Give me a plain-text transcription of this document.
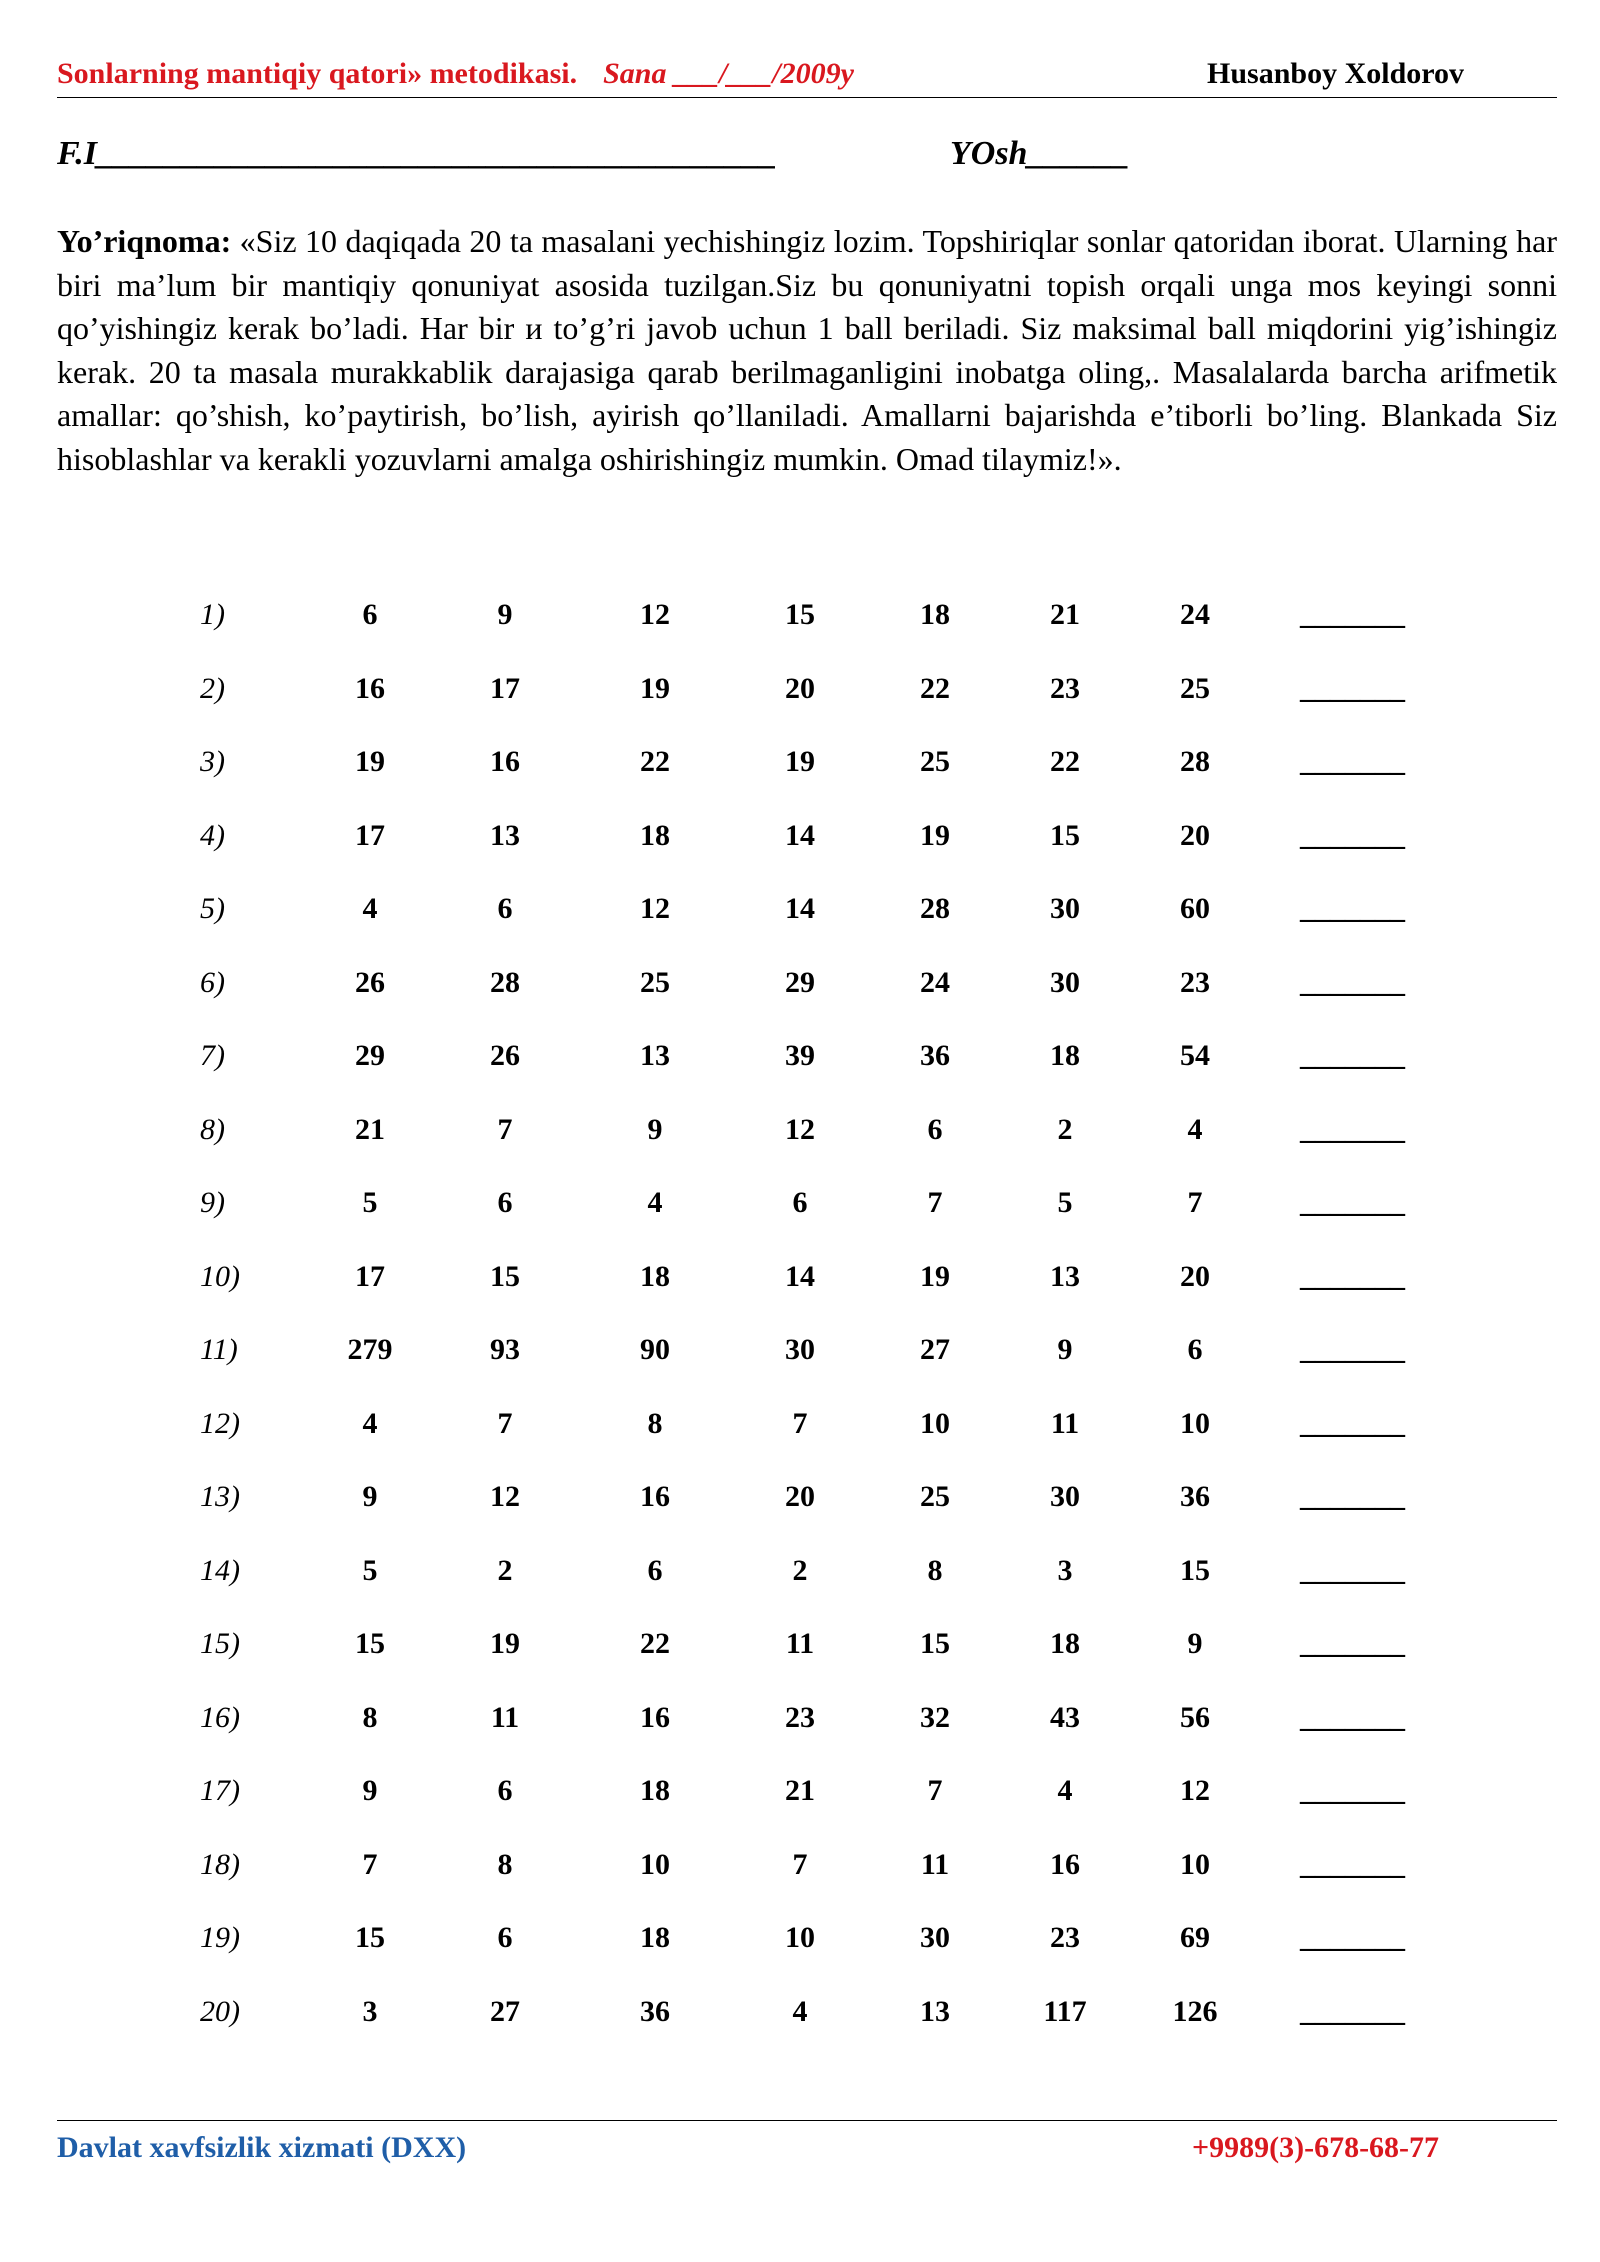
Sonlarning mantiqiy qatori» metodikasi. Sana ___/___/2009y	Husanboy Xoldorov
F.I________________________________________	YOsh______
Yo’riqnoma: «Siz 10 daqiqada 20 ta masalani yechishingiz lozim. Topshiriqlar sonlar qatoridan iborat. Ularning har biri ma’lum bir mantiqiy qonuniyat asosida tuzilgan.Siz bu qonuniyatni topish orqali unga mos keyingi sonni qo’yishingiz kerak bo’ladi. Har bir и to’g’ri javob uchun 1 ball beriladi. Siz maksimal ball miqdorini yig’ishingiz kerak. 20 ta masala murakkablik darajasiga qarab berilmaganligini inobatga oling,. Masalalarda barcha arifmetik amallar: qo’shish, ko’paytirish, bo’lish, ayirish qo’llaniladi. Amallarni bajarishda e’tiborli bo’ling. Blankada Siz hisoblashlar va kerakli yozuvlarni amalga oshirishingiz mumkin. Omad tilaymiz!».
1)	6	9	12	15	18	21	24	_______
2)	16	17	19	20	22	23	25	_______
3)	19	16	22	19	25	22	28	_______
4)	17	13	18	14	19	15	20	_______
5)	4	6	12	14	28	30	60	_______
6)	26	28	25	29	24	30	23	_______
7)	29	26	13	39	36	18	54	_______
8)	21	7	9	12	6	2	4	_______
9)	5	6	4	6	7	5	7	_______
10)	17	15	18	14	19	13	20	_______
11)	279	93	90	30	27	9	6	_______
12)	4	7	8	7	10	11	10	_______
13)	9	12	16	20	25	30	36	_______
14)	5	2	6	2	8	3	15	_______
15)	15	19	22	11	15	18	9	_______
16)	8	11	16	23	32	43	56	_______
17)	9	6	18	21	7	4	12	_______
18)	7	8	10	7	11	16	10	_______
19)	15	6	18	10	30	23	69	_______
20)	3	27	36	4	13	117	126	_______
Davlat xavfsizlik xizmati (DXX)	+9989(3)-678-68-77
